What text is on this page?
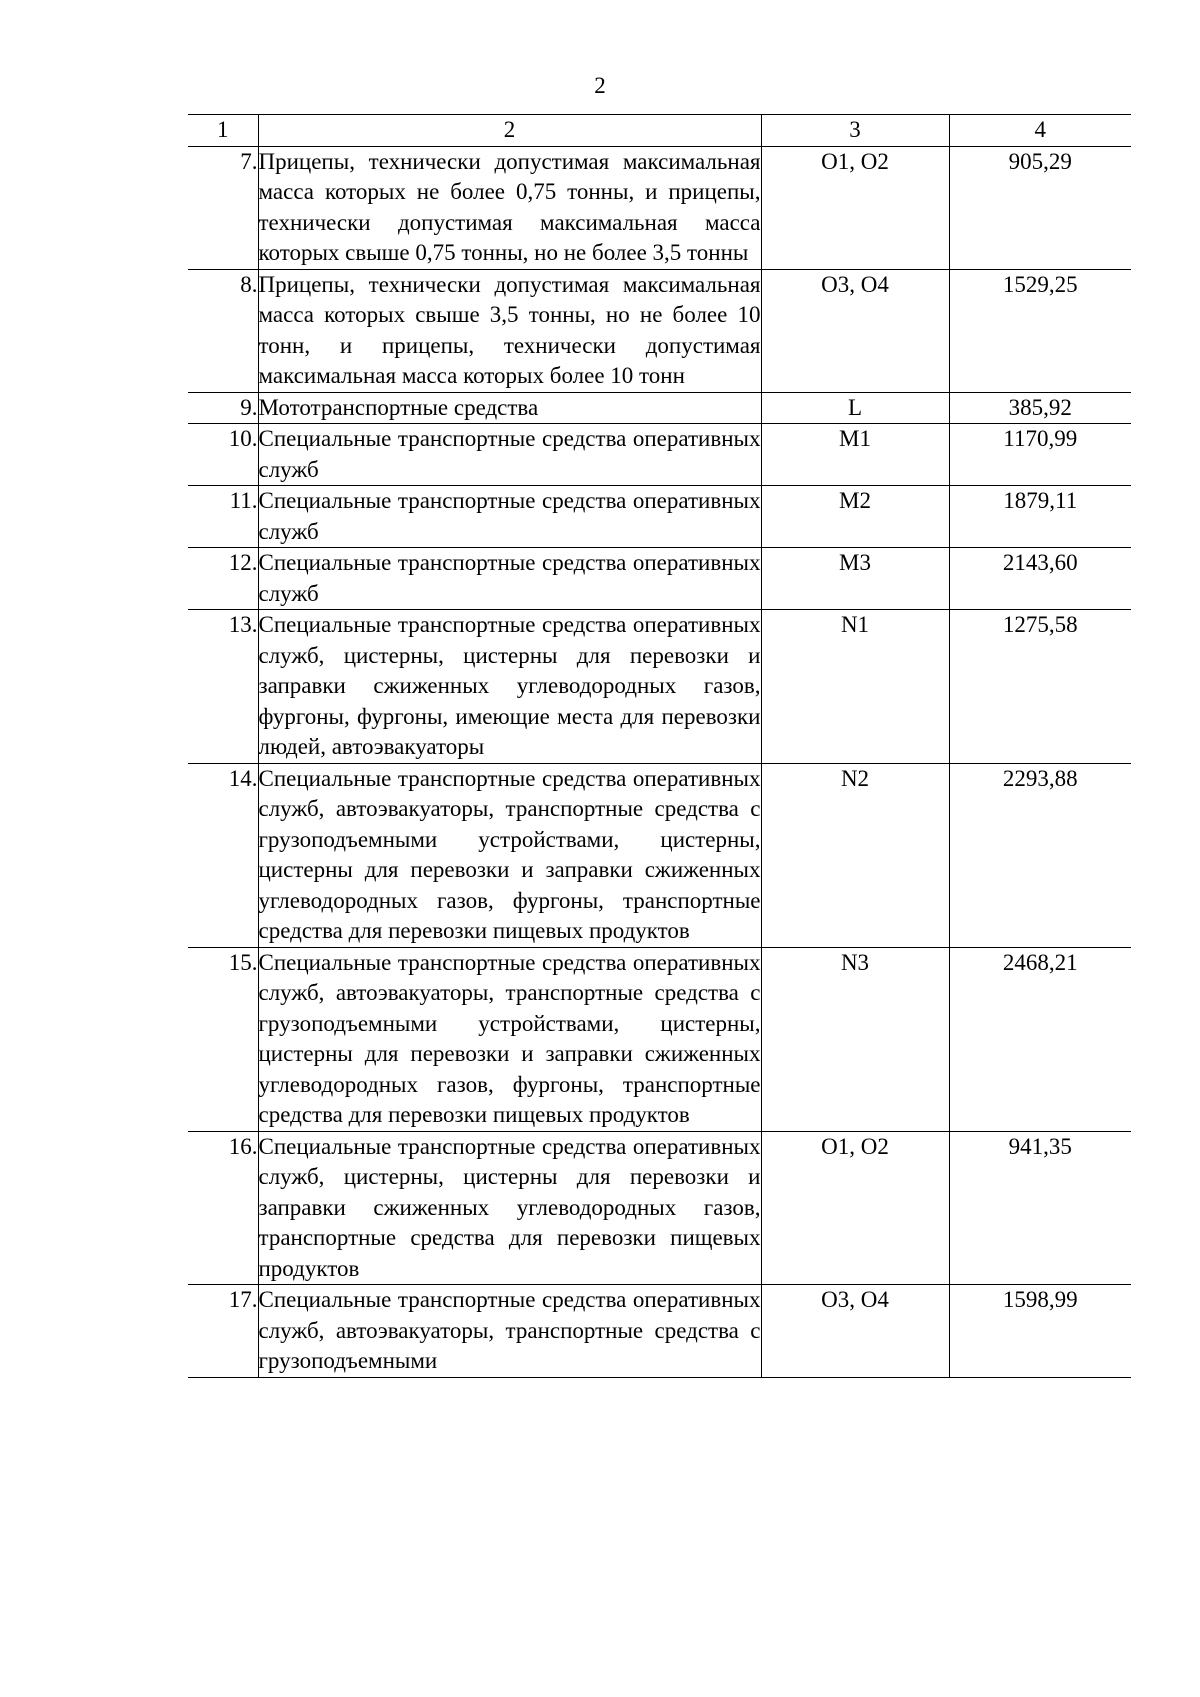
2
1	2	3	4
7.	Прицепы, технически допустимая максимальная масса которых не более 0,75 тонны, и прицепы, технически допустимая максимальная масса которых свыше 0,75 тонны, но не более 3,5 тонны	O1, O2	905,29
8.	Прицепы, технически допустимая максимальная масса которых свыше 3,5 тонны, но не более 10 тонн, и прицепы, технически допустимая максимальная масса которых более 10 тонн	O3, O4	1529,25
9.	Мототранспортные средства	L	385,92
10.	Специальные транспортные средства оперативных служб	M1	1170,99
11.	Специальные транспортные средства оперативных служб	M2	1879,11
12.	Специальные транспортные средства оперативных служб	M3	2143,60
13.	Специальные транспортные средства оперативных служб, цистерны, цистерны для перевозки и заправки сжиженных углеводородных газов, фургоны, фургоны, имеющие места для перевозки людей, автоэвакуаторы	N1	1275,58
14.	Специальные транспортные средства оперативных служб, автоэвакуаторы, транспортные средства с грузоподъемными устройствами, цистерны, цистерны для перевозки и заправки сжиженных углеводородных газов, фургоны, транспортные средства для перевозки пищевых продуктов	N2	2293,88
15.	Специальные транспортные средства оперативных служб, автоэвакуаторы, транспортные средства с грузоподъемными устройствами, цистерны, цистерны для перевозки и заправки сжиженных углеводородных газов, фургоны, транспортные средства для перевозки пищевых продуктов	N3	2468,21
16.	Специальные транспортные средства оперативных служб, цистерны, цистерны для перевозки и заправки сжиженных углеводородных газов, транспортные средства для перевозки пищевых продуктов	O1, O2	941,35
17.	Специальные транспортные средства оперативных служб, автоэвакуаторы, транспортные средства с грузоподъемными	O3, O4	1598,99
